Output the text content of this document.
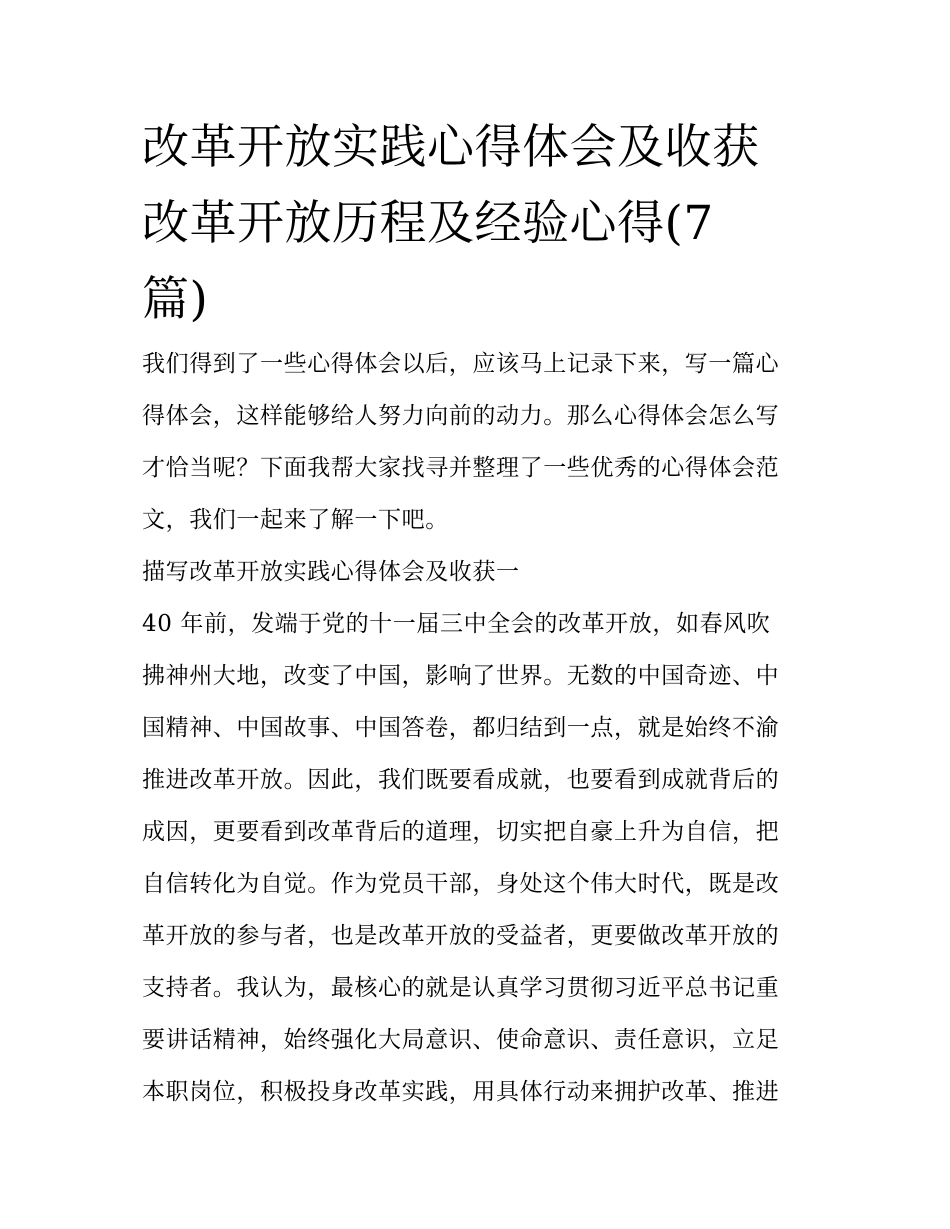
改革开放实践心得体会及收获
改革开放历程及经验心得(7
篇)
我们得到了一些心得体会以后，应该马上记录下来，写一篇心
得体会，这样能够给人努力向前的动力。那么心得体会怎么写
才恰当呢？下面我帮大家找寻并整理了一些优秀的心得体会范
文，我们一起来了解一下吧。
描写改革开放实践心得体会及收获一
40 年前，发端于党的十一届三中全会的改革开放，如春风吹
拂神州大地，改变了中国，影响了世界。无数的中国奇迹、中
国精神、中国故事、中国答卷，都归结到一点，就是始终不渝
推进改革开放。因此，我们既要看成就，也要看到成就背后的
成因，更要看到改革背后的道理，切实把自豪上升为自信，把
自信转化为自觉。作为党员干部，身处这个伟大时代，既是改
革开放的参与者，也是改革开放的受益者，更要做改革开放的
支持者。我认为，最核心的就是认真学习贯彻习近平总书记重
要讲话精神，始终强化大局意识、使命意识、责任意识，立足
本职岗位，积极投身改革实践，用具体行动来拥护改革、推进
